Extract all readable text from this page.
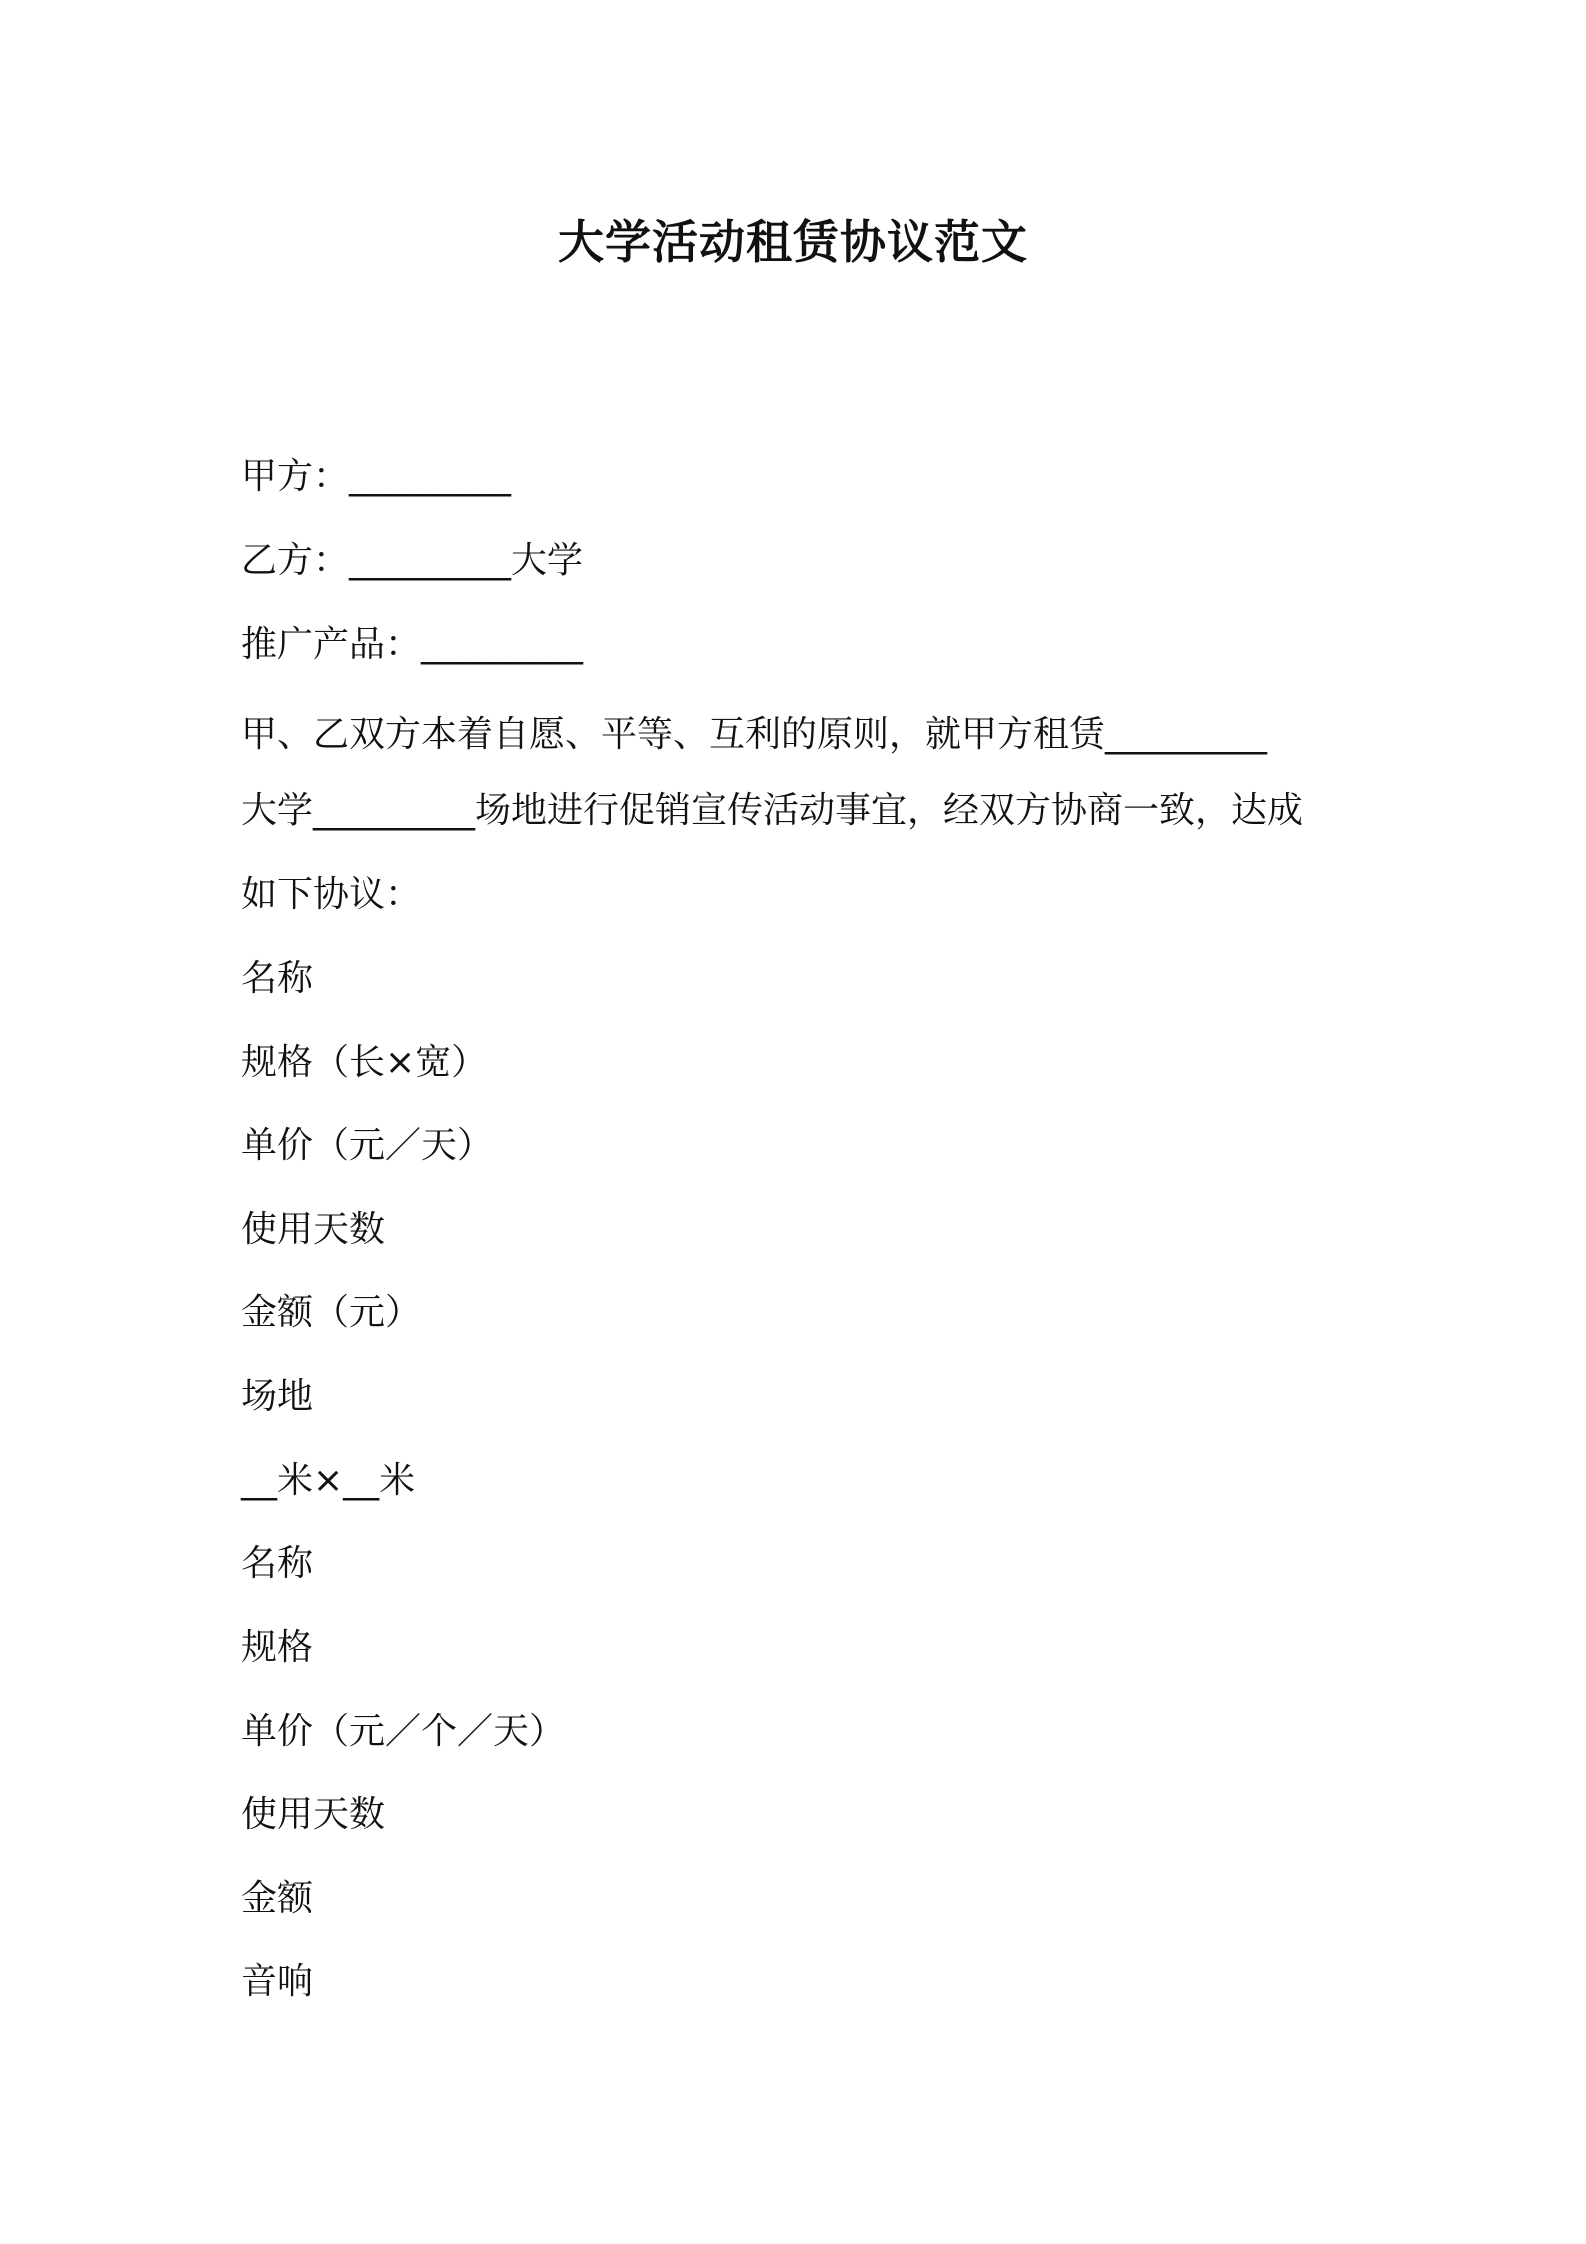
大学活动租赁协议范文
甲方：_________
乙方：_________大学
推广产品：_________
甲、乙双方本着自愿、平等、互利的原则，就甲方租赁_________
大学_________场地进行促销宣传活动事宜，经双方协商一致，达成
如下协议：
名称
规格（长×宽）
单价（元／天）
使用天数
金额（元）
场地
__米×__米
名称
规格
单价（元／个／天）
使用天数
金额
音响
